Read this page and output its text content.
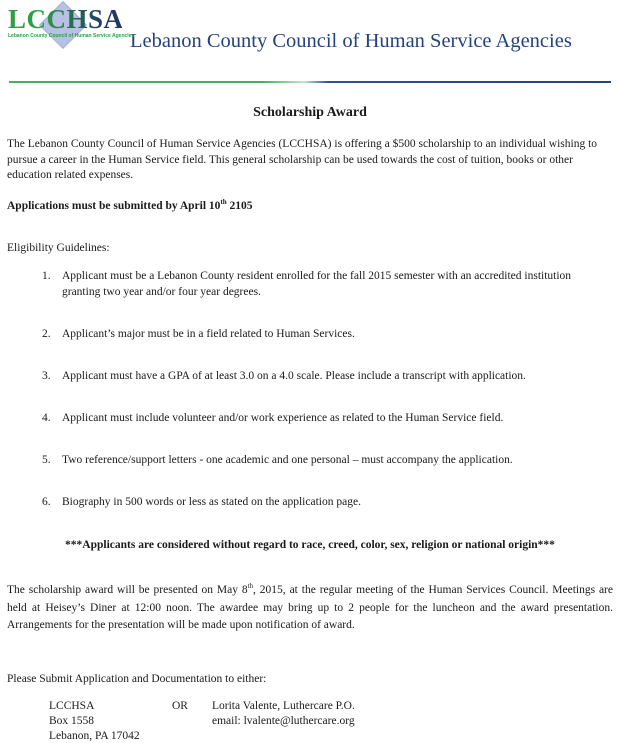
LCCHSA
Lebanon County Council of Human Service Agencies
Lebanon County Council of Human Service Agencies
Scholarship Award

The Lebanon County Council of Human Service Agencies (LCCHSA) is offering a $500 scholarship to an individual wishing to pursue a career in the Human Service field. This general scholarship can be used towards the cost of tuition, books or other education related expenses.

Applications must be submitted by April 10th 2105

Eligibility Guidelines:

1. Applicant must be a Lebanon County resident enrolled for the fall 2015 semester with an accredited institution granting two year and/or four year degrees.
2. Applicant’s major must be in a field related to Human Services.
3. Applicant must have a GPA of at least 3.0 on a 4.0 scale. Please include a transcript with application.
4. Applicant must include volunteer and/or work experience as related to the Human Service field.
5. Two reference/support letters - one academic and one personal – must accompany the application.
6. Biography in 500 words or less as stated on the application page.
***Applicants are considered without regard to race, creed, color, sex, religion or national origin***

The scholarship award will be presented on May 8th, 2015, at the regular meeting of the Human Services Council. Meetings are held at Heisey’s Diner at 12:00 noon. The awardee may bring up to 2 people for the luncheon and the award presentation. Arrangements for the presentation will be made upon notification of award.

Please Submit Application and Documentation to either:

LCCHSA
Box 1558
Lebanon, PA 17042
OR	Lorita Valente, Luthercare P.O.
email: lvalente@luthercare.org
